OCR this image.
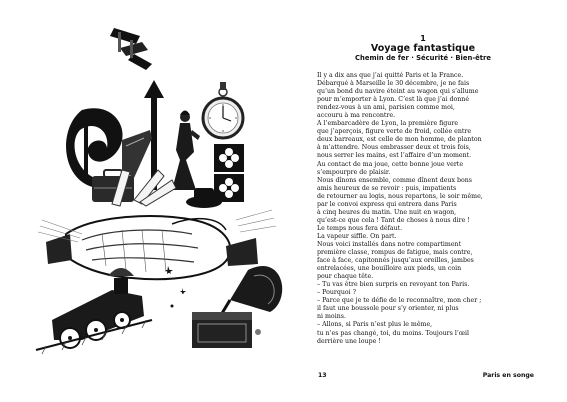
1
Voyage fantastique
Chemin de fer · Sécurité · Bien-être
Il y a dix ans que j’ai quitté Paris et la France.
Débarqué à Marseille le 30 décembre, je ne fais
qu’un bond du navire éteint au wagon qui s’allume
pour m’emporter à Lyon. C’est là que j’ai donné
rendez-vous à un ami, parisien comme moi,
accouru à ma rencontre.
A l’embarcadère de Lyon, la première figure
que j’aperçois, figure verte de froid, collée entre
deux barreaux, est celle de mon homme, de planton
à m’attendre. Nous embrasser deux et trois fois,
nous serrer les mains, est l’affaire d’un moment.
Au contact de ma joue, cette bonne joue verte
s’empourpre de plaisir.
Nous dînons ensemble, comme dînent deux bons
amis heureux de se revoir : puis, impatients
de retourner au logis, nous repartons, le soir même,
par le convoi express qui entrera dans Paris
à cinq heures du matin. Une nuit en wagon,
qu’est-ce que cela ! Tant de choses à nous dire !
Le temps nous fera défaut.
La vapeur siffle. On part.
Nous voici installés dans notre compartiment
première classe, rompus de fatigue, mais contre,
face à face, capitonnés jusqu’aux oreilles, jambes
entrelacées, une bouilloire aux pieds, un coin
pour chaque tête.
– Tu vas être bien surpris en revoyant ton Paris.
– Pourquoi ?
– Parce que je te défie de le reconnaître, mon cher ;
il faut une boussole pour s’y orienter, ni plus
ni moins.
– Allons, si Paris n’est plus le même,
tu n’es pas changé, toi, du moins. Toujours l’œil
derrière une loupe !
13	Paris en songe
